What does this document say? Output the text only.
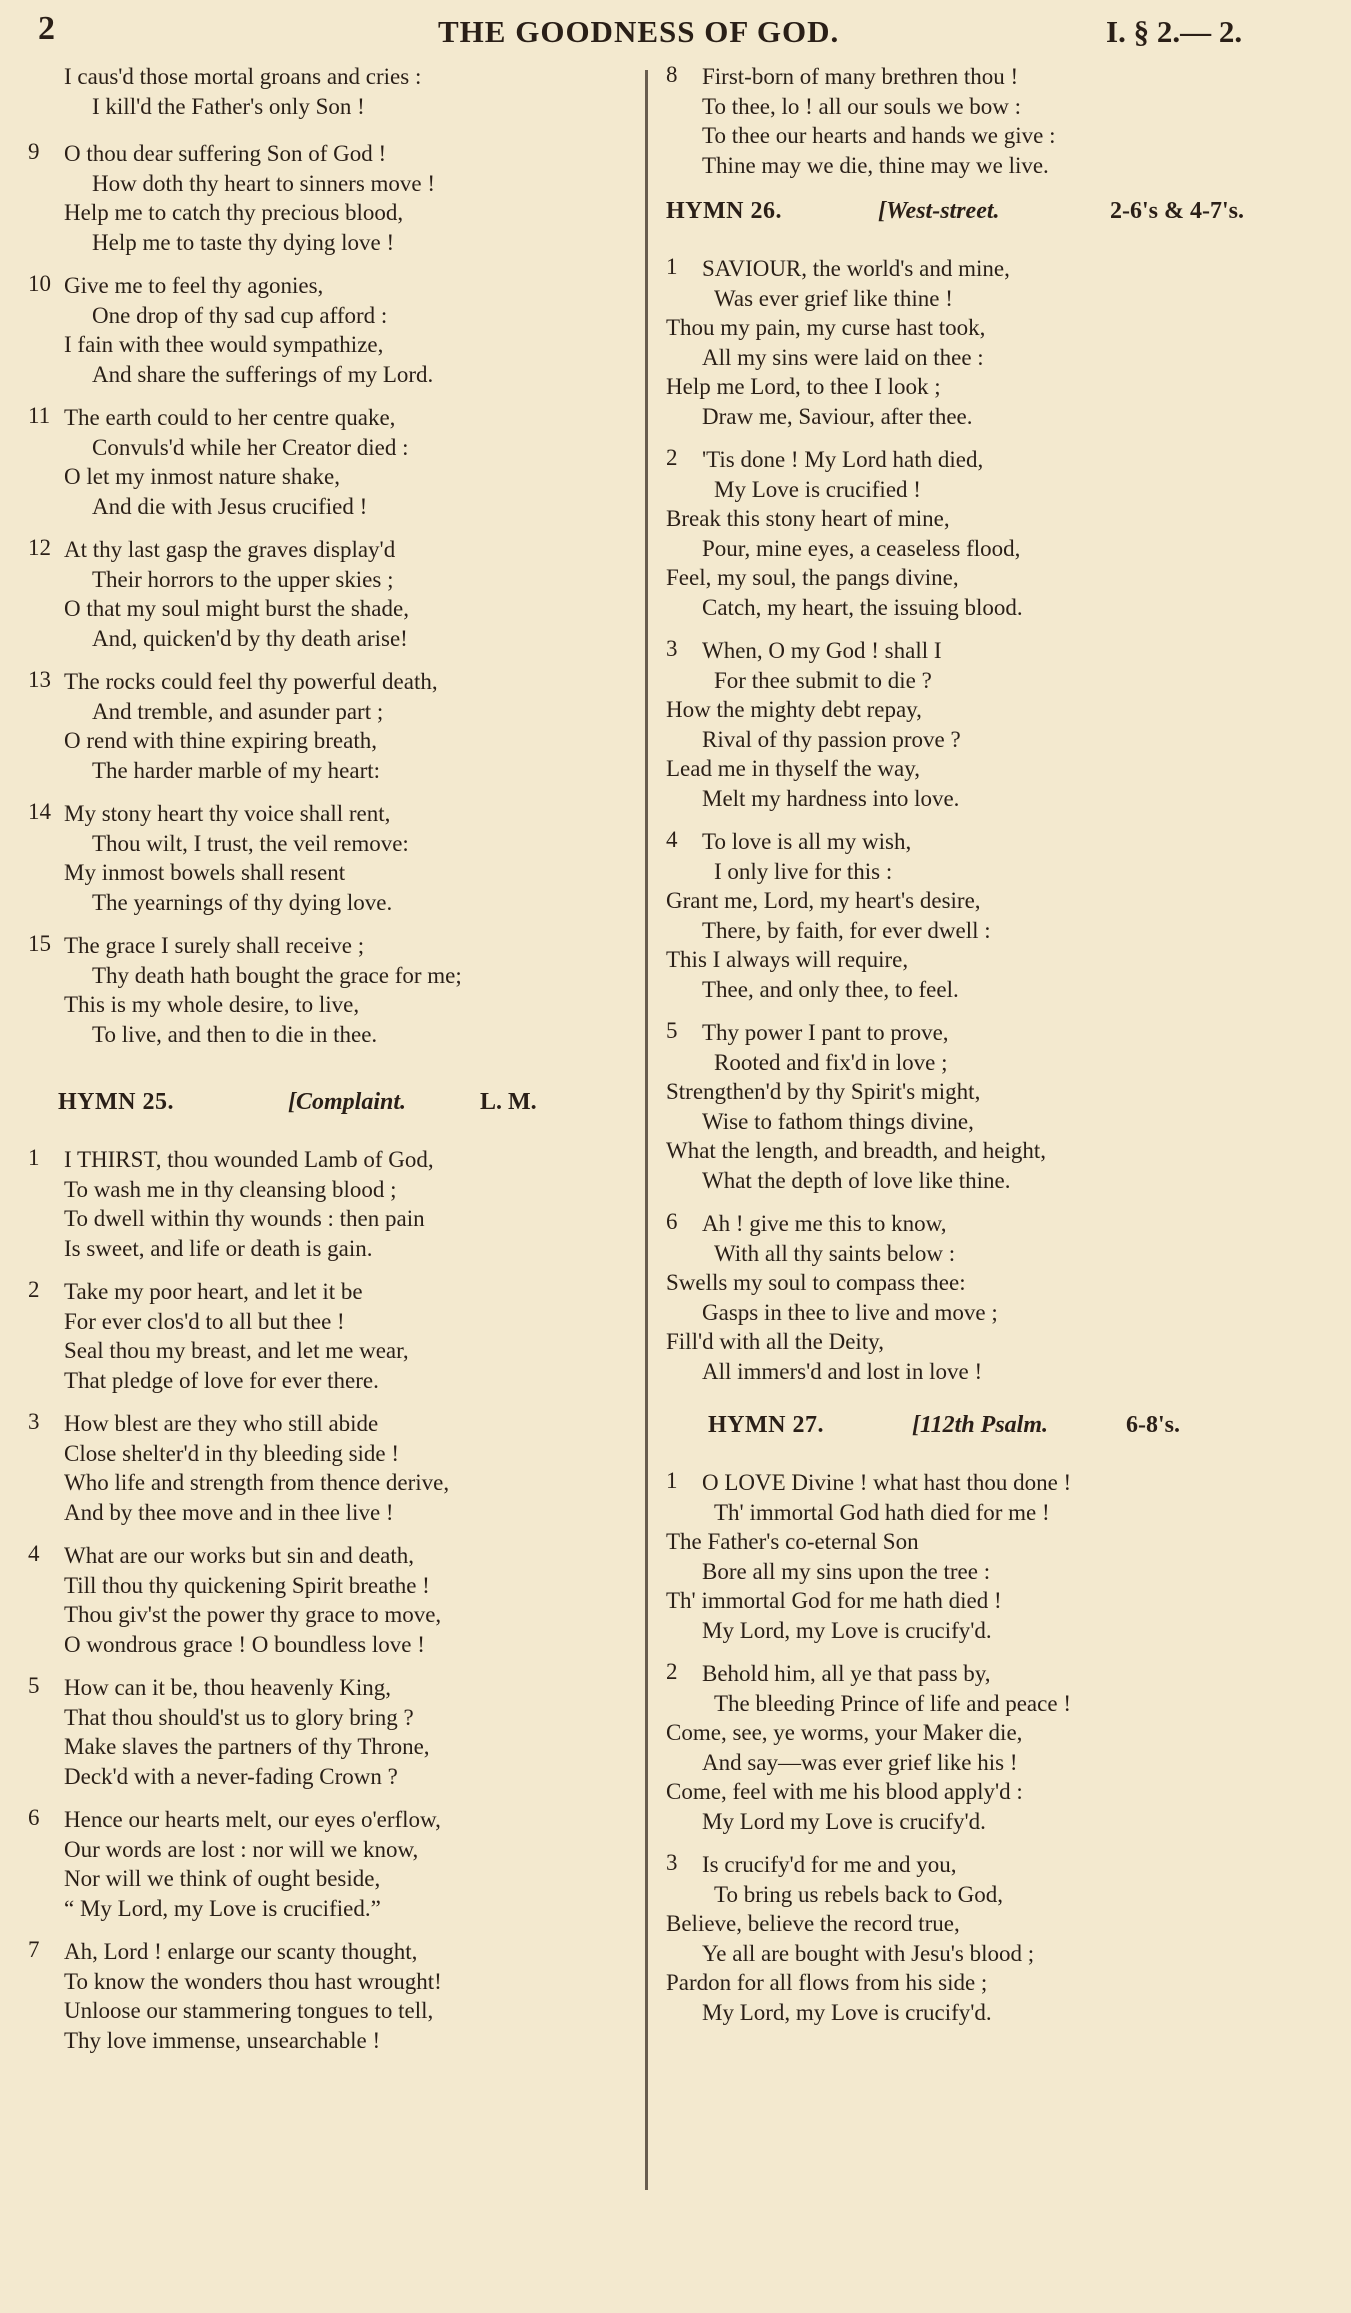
2	THE GOODNESS OF GOD.	I. § 2.— 2.
I caus'd those mortal groans and cries :
I kill'd the Father's only Son !
9	O thou dear suffering Son of God !
How doth thy heart to sinners move !
Help me to catch thy precious blood,
Help me to taste thy dying love !
10 Give me to feel thy agonies,
One drop of thy sad cup afford :
I fain with thee would sympathize,
And share the sufferings of my Lord.
11 The earth could to her centre quake,
Convuls'd while her Creator died :
O let my inmost nature shake,
And die with Jesus crucified !
12 At thy last gasp the graves display'd
Their horrors to the upper skies ;
O that my soul might burst the shade,
And, quicken'd by thy death arise!
13 The rocks could feel thy powerful death,
And tremble, and asunder part ;
O rend with thine expiring breath,
The harder marble of my heart:
14 My stony heart thy voice shall rent,
Thou wilt, I trust, the veil remove:
My inmost bowels shall resent
The yearnings of thy dying love.
15 The grace I surely shall receive ;
Thy death hath bought the grace for me;
This is my whole desire, to live,
To live, and then to die in thee.
HYMN 25.	[Complaint.	L. M.
1	I THIRST, thou wounded Lamb of God,
To wash me in thy cleansing blood ;
To dwell within thy wounds : then pain
Is sweet, and life or death is gain.
2	Take my poor heart, and let it be
For ever clos'd to all but thee !
Seal thou my breast, and let me wear,
That pledge of love for ever there.
3	How blest are they who still abide
Close shelter'd in thy bleeding side !
Who life and strength from thence derive,
And by thee move and in thee live !
4	What are our works but sin and death,
Till thou thy quickening Spirit breathe !
Thou giv'st the power thy grace to move,
O wondrous grace ! O boundless love !
5	How can it be, thou heavenly King,
That thou should'st us to glory bring ?
Make slaves the partners of thy Throne,
Deck'd with a never-fading Crown ?
6	Hence our hearts melt, our eyes o'erflow,
Our words are lost : nor will we know,
Nor will we think of ought beside,
“ My Lord, my Love is crucified.”
7	Ah, Lord ! enlarge our scanty thought,
To know the wonders thou hast wrought!
Unloose our stammering tongues to tell,
Thy love immense, unsearchable !
8	First-born of many brethren thou !
To thee, lo ! all our souls we bow :
To thee our hearts and hands we give :
Thine may we die, thine may we live.
HYMN 26.	[West-street.	2-6's & 4-7's.
1	SAVIOUR, the world's and mine,
Was ever grief like thine !
Thou my pain, my curse hast took,
All my sins were laid on thee :
Help me Lord, to thee I look ;
Draw me, Saviour, after thee.
2	'Tis done ! My Lord hath died,
My Love is crucified !
Break this stony heart of mine,
Pour, mine eyes, a ceaseless flood,
Feel, my soul, the pangs divine,
Catch, my heart, the issuing blood.
3	When, O my God ! shall I
For thee submit to die ?
How the mighty debt repay,
Rival of thy passion prove ?
Lead me in thyself the way,
Melt my hardness into love.
4	To love is all my wish,
I only live for this :
Grant me, Lord, my heart's desire,
There, by faith, for ever dwell :
This I always will require,
Thee, and only thee, to feel.
5	Thy power I pant to prove,
Rooted and fix'd in love ;
Strengthen'd by thy Spirit's might,
Wise to fathom things divine,
What the length, and breadth, and height,
What the depth of love like thine.
6	Ah ! give me this to know,
With all thy saints below :
Swells my soul to compass thee:
Gasps in thee to live and move ;
Fill'd with all the Deity,
All immers'd and lost in love !
HYMN 27.	[112th Psalm.	6-8's.
1	O LOVE Divine ! what hast thou done !
Th' immortal God hath died for me !
The Father's co-eternal Son
Bore all my sins upon the tree :
Th' immortal God for me hath died !
My Lord, my Love is crucify'd.
2	Behold him, all ye that pass by,
The bleeding Prince of life and peace !
Come, see, ye worms, your Maker die,
And say—was ever grief like his !
Come, feel with me his blood apply'd :
My Lord my Love is crucify'd.
3	Is crucify'd for me and you,
To bring us rebels back to God,
Believe, believe the record true,
Ye all are bought with Jesu's blood ;
Pardon for all flows from his side ;
My Lord, my Love is crucify'd.
